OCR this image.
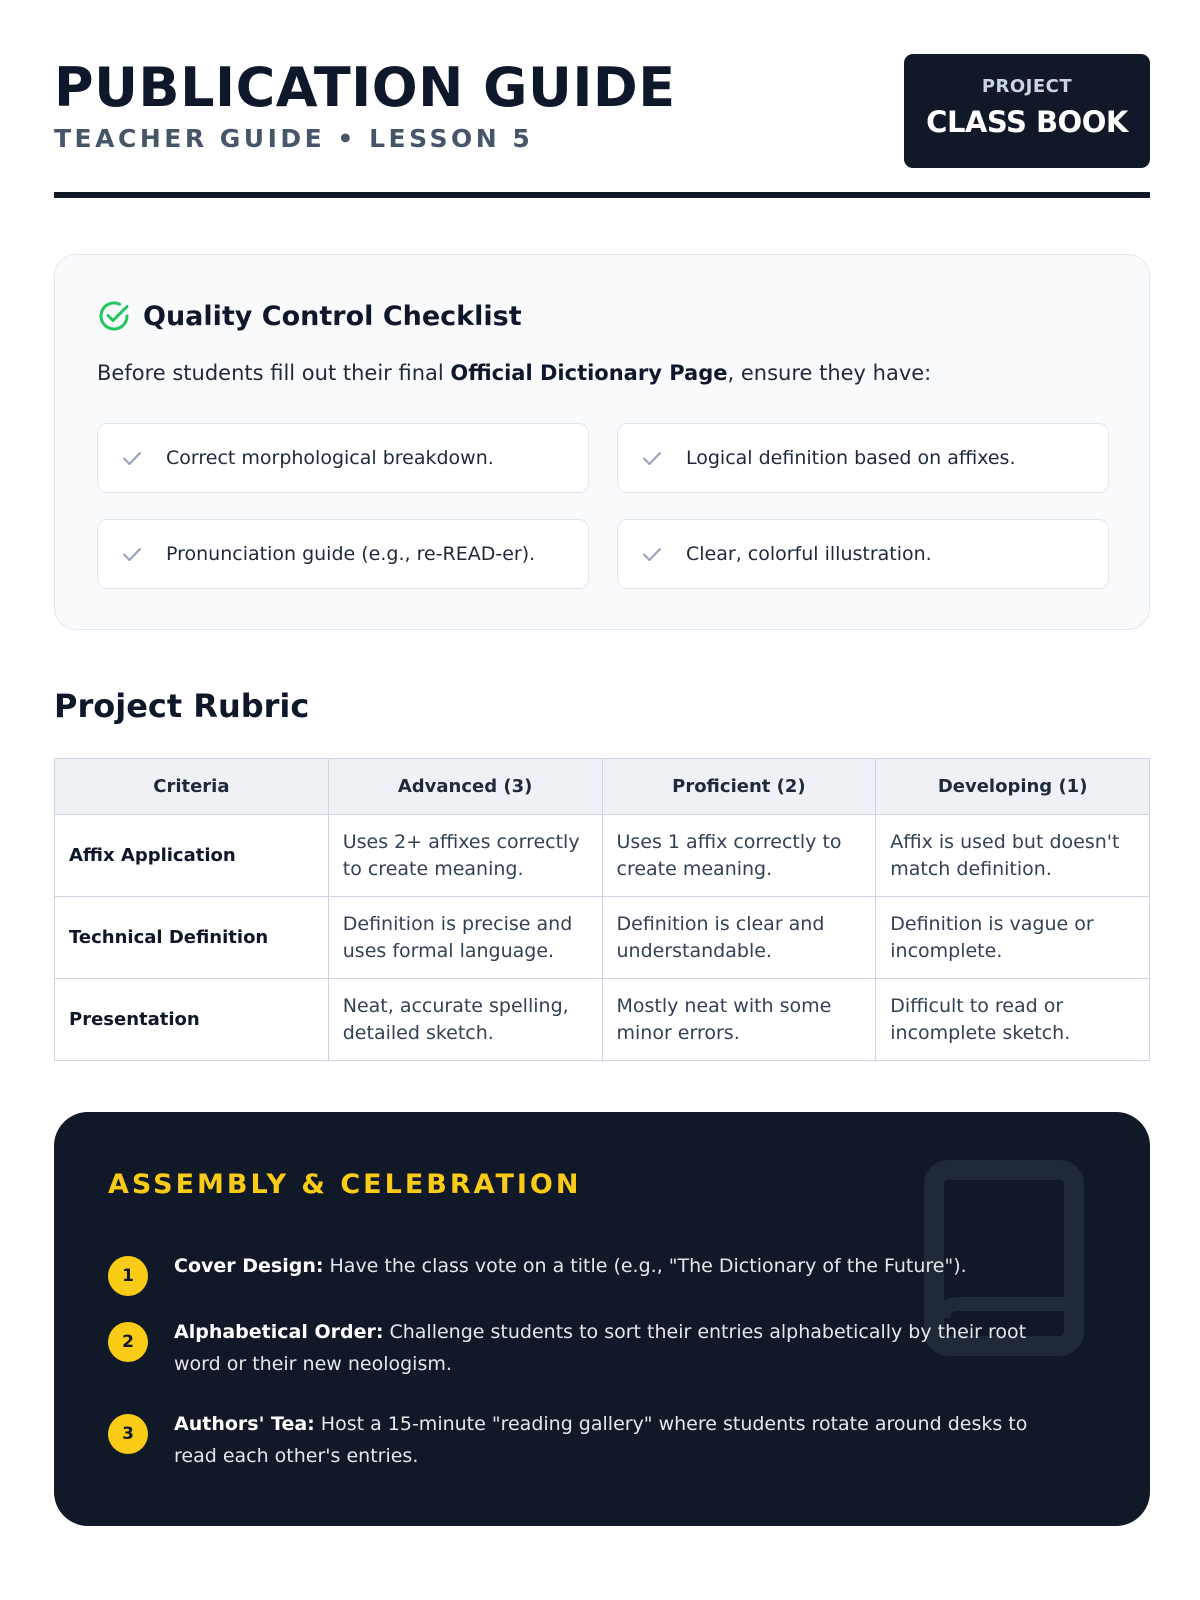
PUBLICATION GUIDE
TEACHER GUIDE • LESSON 5
PROJECT
CLASS BOOK
Quality Control Checklist

Before students fill out their final Official Dictionary Page, ensure they have:

Correct morphological breakdown.	Logical definition based on affixes.
Pronunciation guide (e.g., re-READ-er).	Clear, colorful illustration.
Project Rubric
Criteria	Advanced (3)	Proficient (2)	Developing (1)
Affix Application	Uses 2+ affixes correctly to create meaning.	Uses 1 affix correctly to create meaning.	Affix is used but doesn't match definition.
Technical Definition	Definition is precise and uses formal language.	Definition is clear and understandable.	Definition is vague or incomplete.
Presentation	Neat, accurate spelling, detailed sketch.	Mostly neat with some minor errors.	Difficult to read or incomplete sketch.
ASSEMBLY & CELEBRATION
1	Cover Design: Have the class vote on a title (e.g., "The Dictionary of the Future").
2	Alphabetical Order: Challenge students to sort their entries alphabetically by their root word or their new neologism.
3	Authors' Tea: Host a 15-minute "reading gallery" where students rotate around desks to read each other's entries.
